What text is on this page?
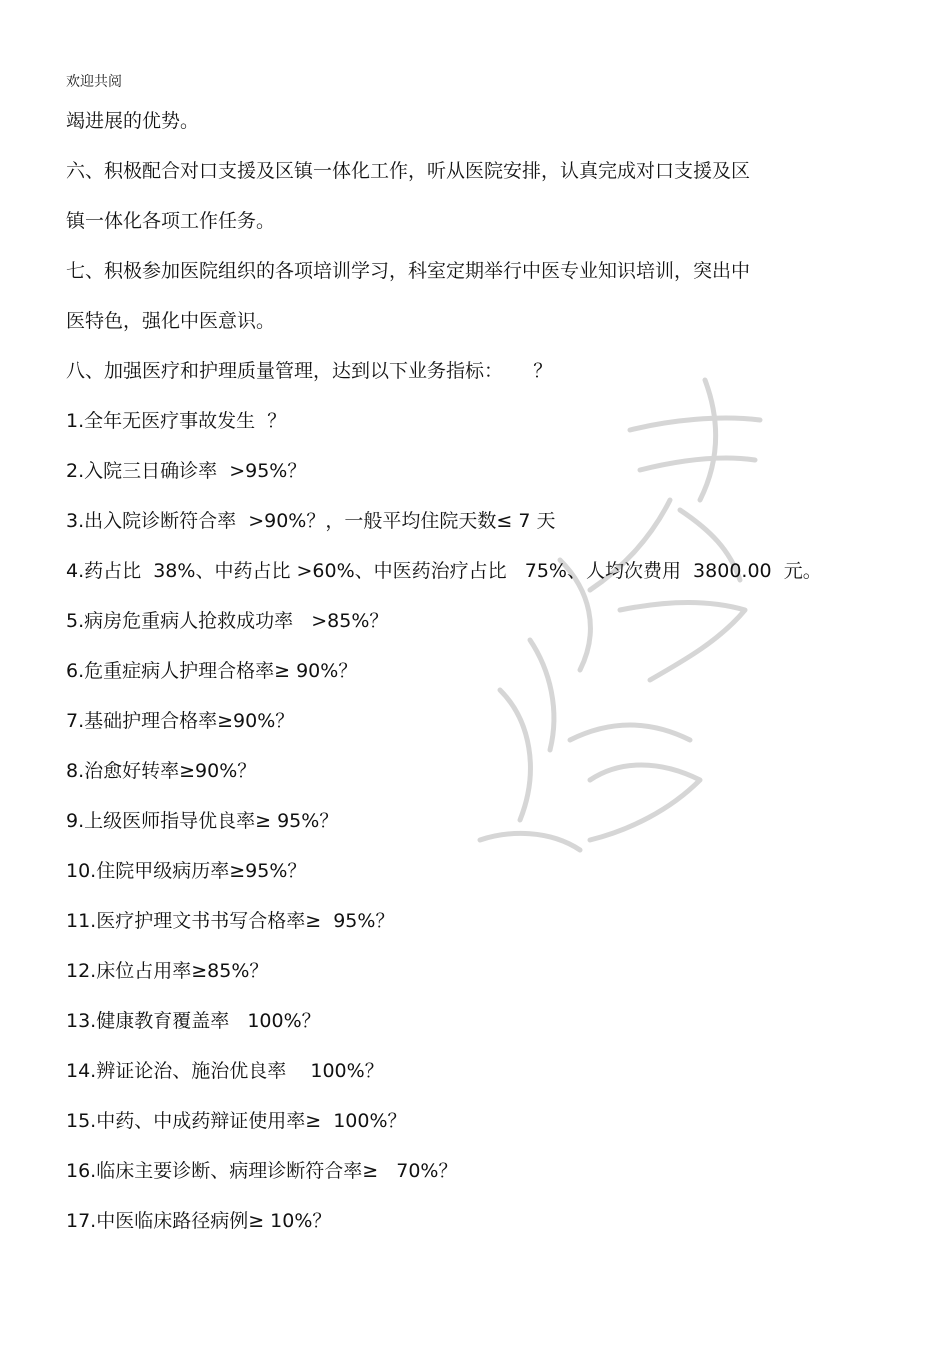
欢迎共阅
竭进展的优势。
六、积极配合对口支援及区镇一体化工作，听从医院安排，认真完成对口支援及区
镇一体化各项工作任务。
七、积极参加医院组织的各项培训学习，科室定期举行中医专业知识培训，突出中
医特色，强化中医意识。
八、加强医疗和护理质量管理，达到以下业务指标：     ？
1.全年无医疗事故发生  ？
2.入院三日确诊率  >95%？
3.出入院诊断符合率  >90%？，一般平均住院天数≤ 7 天
4.药占比  38%、中药占比 >60%、中医药治疗占比   75%、人均次费用  3800.00  元。
5.病房危重病人抢救成功率   >85%？
6.危重症病人护理合格率≥ 90%？
7.基础护理合格率≥90%？
8.治愈好转率≥90%？
9.上级医师指导优良率≥ 95%？
10.住院甲级病历率≥95%？
11.医疗护理文书书写合格率≥  95%？
12.床位占用率≥85%？
13.健康教育覆盖率   100%？
14.辨证论治、施治优良率    100%？
15.中药、中成药辩证使用率≥  100%？
16.临床主要诊断、病理诊断符合率≥   70%？
17.中医临床路径病例≥ 10%？
